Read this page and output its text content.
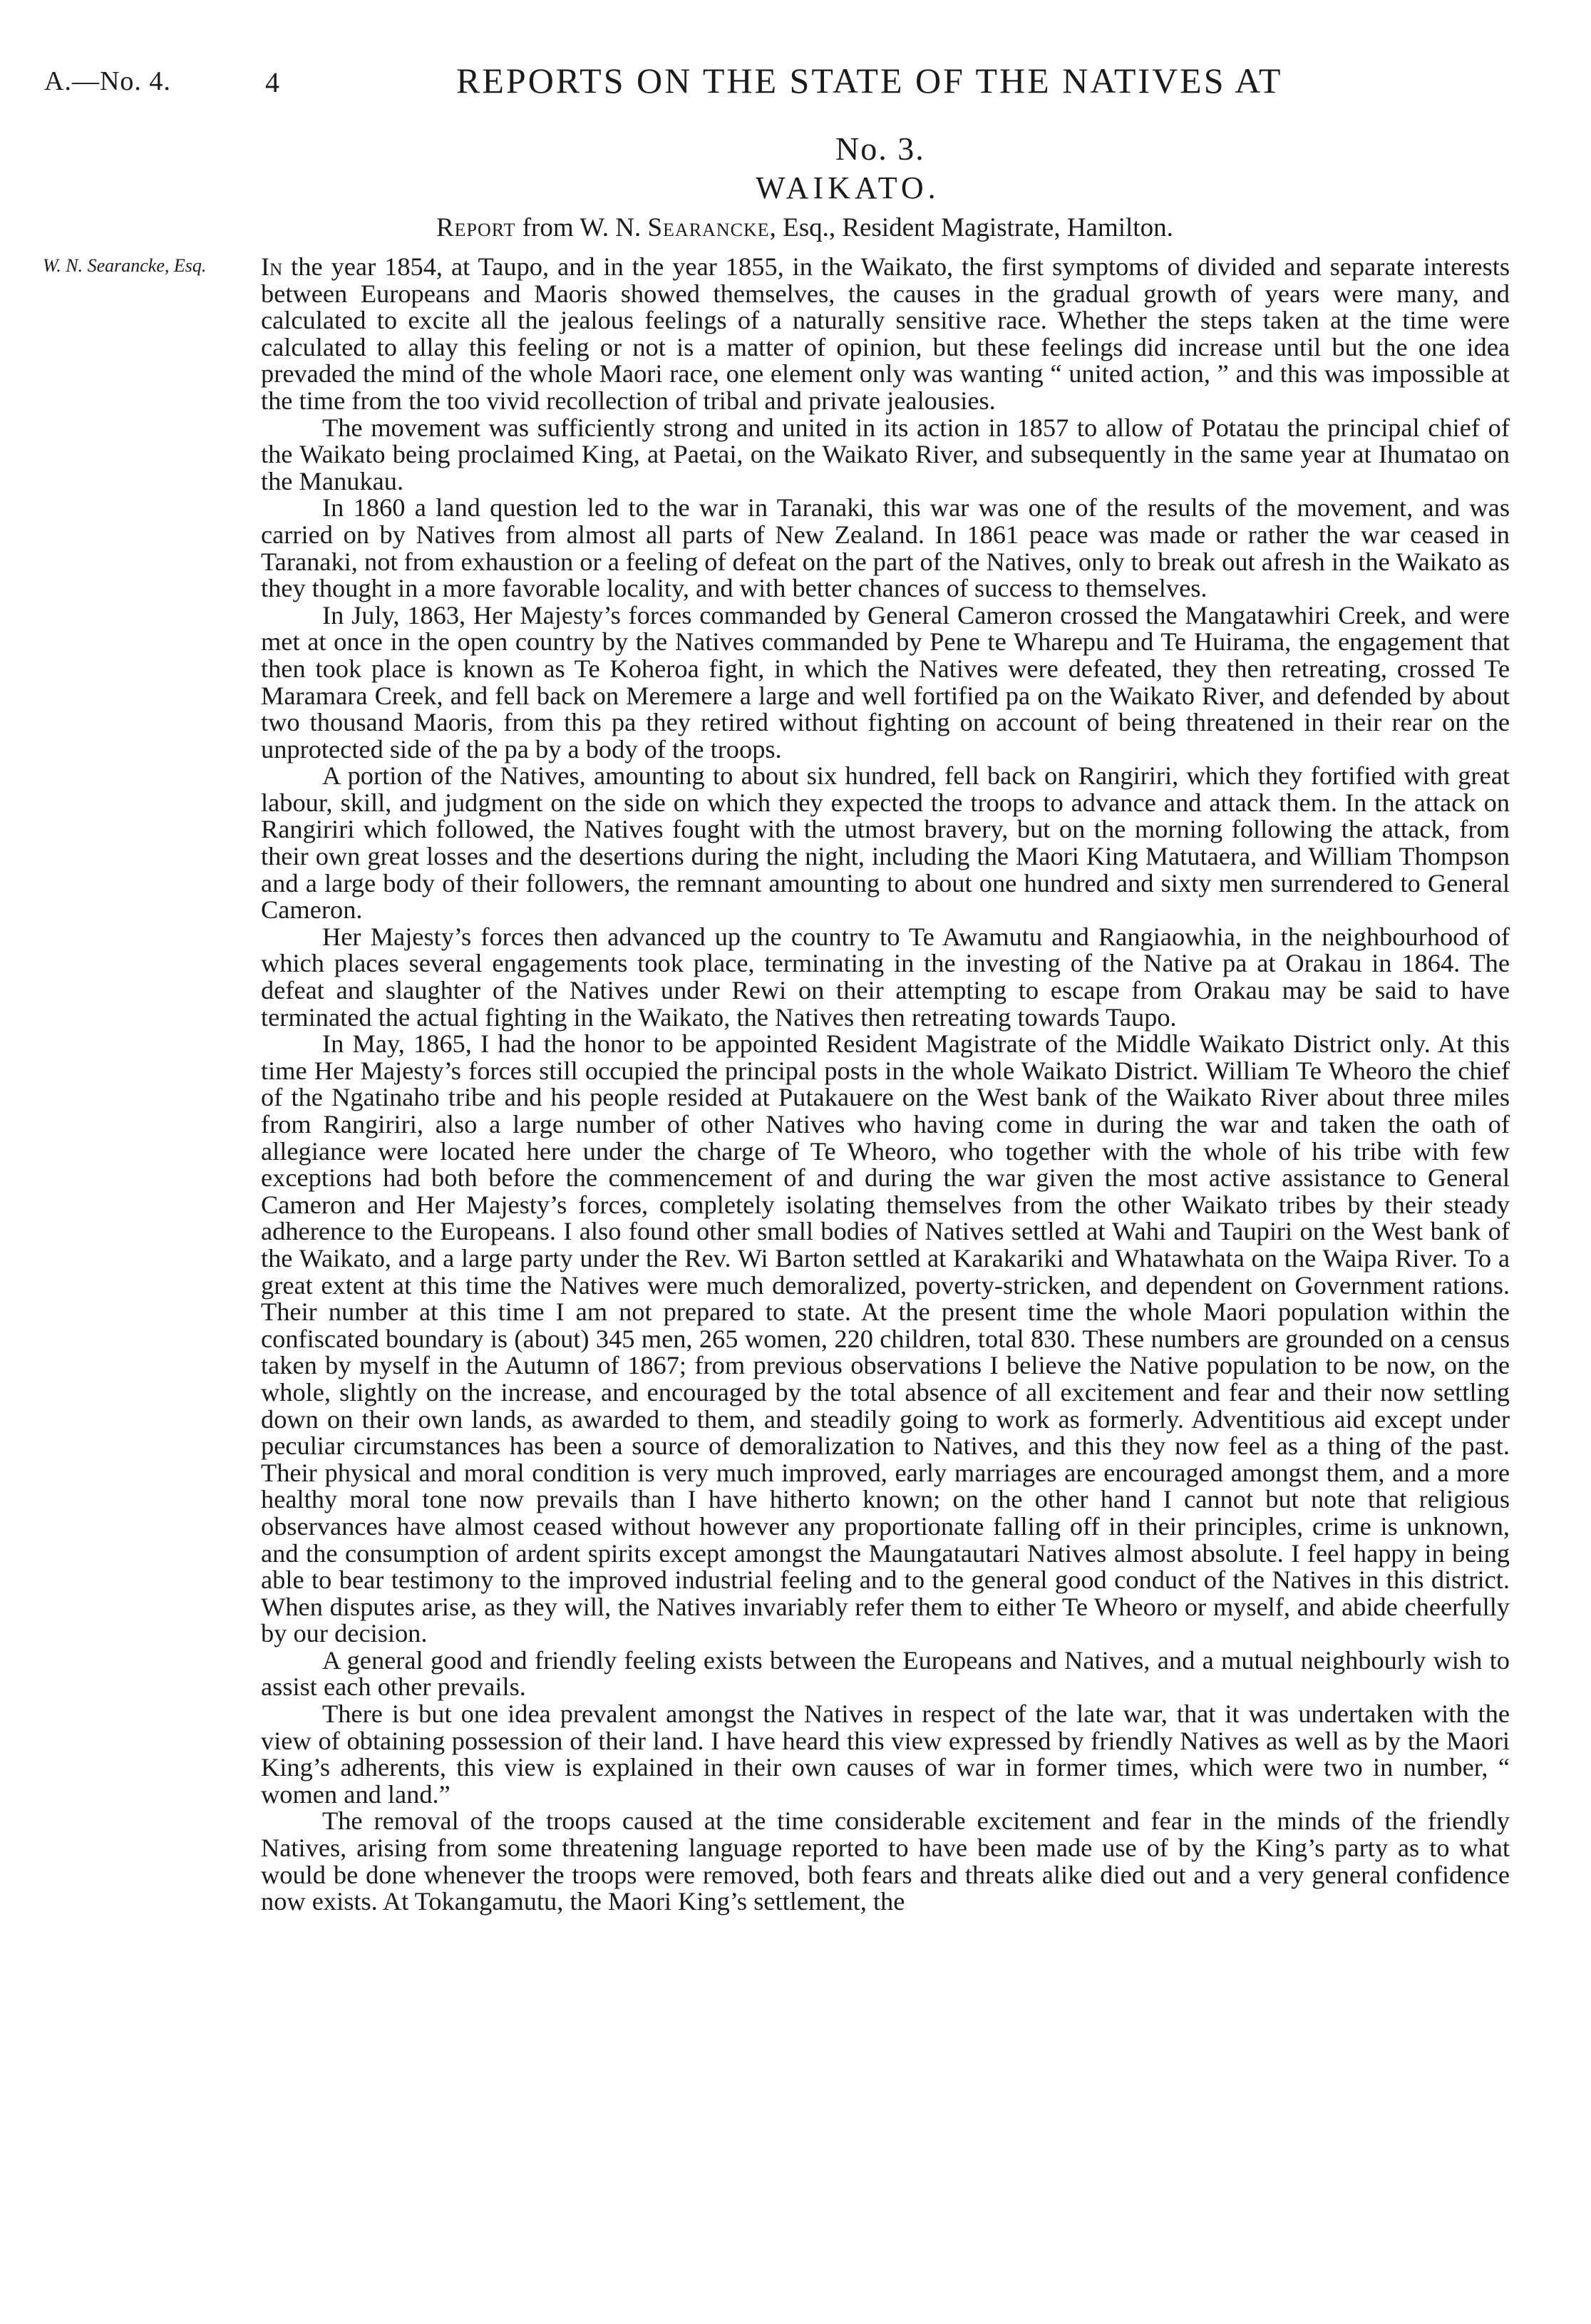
A.—No. 4.	4	REPORTS ON THE STATE OF THE NATIVES AT
No. 3.
WAIKATO.
Report from W. N. Searancke, Esq., Resident Magistrate, Hamilton.
W. N. Searancke, Esq.	In the year 1854, at Taupo, and in the year 1855, in the Waikato, the first symptoms of divided and separate interests between Europeans and Maoris showed themselves, the causes in the gradual growth of years were many, and calculated to excite all the jealous feelings of a naturally sensitive race. Whether the steps taken at the time were calculated to allay this feeling or not is a matter of opinion, but these feelings did increase until but the one idea prevaded the mind of the whole Maori race, one element only was wanting “ united action, ” and this was impossible at the time from the too vivid recollection of tribal and private jealousies.

The movement was sufficiently strong and united in its action in 1857 to allow of Potatau the principal chief of the Waikato being proclaimed King, at Paetai, on the Waikato River, and subsequently in the same year at Ihumatao on the Manukau.

In 1860 a land question led to the war in Taranaki, this war was one of the results of the movement, and was carried on by Natives from almost all parts of New Zealand. In 1861 peace was made or rather the war ceased in Taranaki, not from exhaustion or a feeling of defeat on the part of the Natives, only to break out afresh in the Waikato as they thought in a more favorable locality, and with better chances of success to themselves.

In July, 1863, Her Majesty’s forces commanded by General Cameron crossed the Mangatawhiri Creek, and were met at once in the open country by the Natives commanded by Pene te Wharepu and Te Huirama, the engagement that then took place is known as Te Koheroa fight, in which the Natives were defeated, they then retreating, crossed Te Maramara Creek, and fell back on Meremere a large and well fortified pa on the Waikato River, and defended by about two thousand Maoris, from this pa they retired without fighting on account of being threatened in their rear on the unprotected side of the pa by a body of the troops.

A portion of the Natives, amounting to about six hundred, fell back on Rangiriri, which they fortified with great labour, skill, and judgment on the side on which they expected the troops to advance and attack them. In the attack on Rangiriri which followed, the Natives fought with the utmost bravery, but on the morning following the attack, from their own great losses and the desertions during the night, including the Maori King Matutaera, and William Thompson and a large body of their followers, the remnant amounting to about one hundred and sixty men surrendered to General Cameron.

Her Majesty’s forces then advanced up the country to Te Awamutu and Rangiaowhia, in the neighbourhood of which places several engagements took place, terminating in the investing of the Native pa at Orakau in 1864. The defeat and slaughter of the Natives under Rewi on their attempting to escape from Orakau may be said to have terminated the actual fighting in the Waikato, the Natives then retreating towards Taupo.

In May, 1865, I had the honor to be appointed Resident Magistrate of the Middle Waikato District only. At this time Her Majesty’s forces still occupied the principal posts in the whole Waikato District. William Te Wheoro the chief of the Ngatinaho tribe and his people resided at Putakauere on the West bank of the Waikato River about three miles from Rangiriri, also a large number of other Natives who having come in during the war and taken the oath of allegiance were located here under the charge of Te Wheoro, who together with the whole of his tribe with few exceptions had both before the commencement of and during the war given the most active assistance to General Cameron and Her Majesty’s forces, completely isolating themselves from the other Waikato tribes by their steady adherence to the Europeans. I also found other small bodies of Natives settled at Wahi and Taupiri on the West bank of the Waikato, and a large party under the Rev. Wi Barton settled at Karakariki and Whatawhata on the Waipa River. To a great extent at this time the Natives were much demoralized, poverty-stricken, and dependent on Government rations. Their number at this time I am not prepared to state. At the present time the whole Maori population within the confiscated boundary is (about) 345 men, 265 women, 220 children, total 830. These numbers are grounded on a census taken by myself in the Autumn of 1867; from previous observations I believe the Native population to be now, on the whole, slightly on the increase, and encouraged by the total absence of all excitement and fear and their now settling down on their own lands, as awarded to them, and steadily going to work as formerly. Adventitious aid except under peculiar circumstances has been a source of demoralization to Natives, and this they now feel as a thing of the past. Their physical and moral condition is very much improved, early marriages are encouraged amongst them, and a more healthy moral tone now prevails than I have hitherto known; on the other hand I cannot but note that religious observances have almost ceased without however any proportionate falling off in their principles, crime is unknown, and the consumption of ardent spirits except amongst the Maungatautari Natives almost absolute. I feel happy in being able to bear testimony to the improved industrial feeling and to the general good conduct of the Natives in this district. When disputes arise, as they will, the Natives invariably refer them to either Te Wheoro or myself, and abide cheerfully by our decision.

A general good and friendly feeling exists between the Europeans and Natives, and a mutual neighbourly wish to assist each other prevails.

There is but one idea prevalent amongst the Natives in respect of the late war, that it was undertaken with the view of obtaining possession of their land. I have heard this view expressed by friendly Natives as well as by the Maori King’s adherents, this view is explained in their own causes of war in former times, which were two in number, “ women and land.”

The removal of the troops caused at the time considerable excitement and fear in the minds of the friendly Natives, arising from some threatening language reported to have been made use of by the King’s party as to what would be done whenever the troops were removed, both fears and threats alike died out and a very general confidence now exists. At Tokangamutu, the Maori King’s settlement, the
